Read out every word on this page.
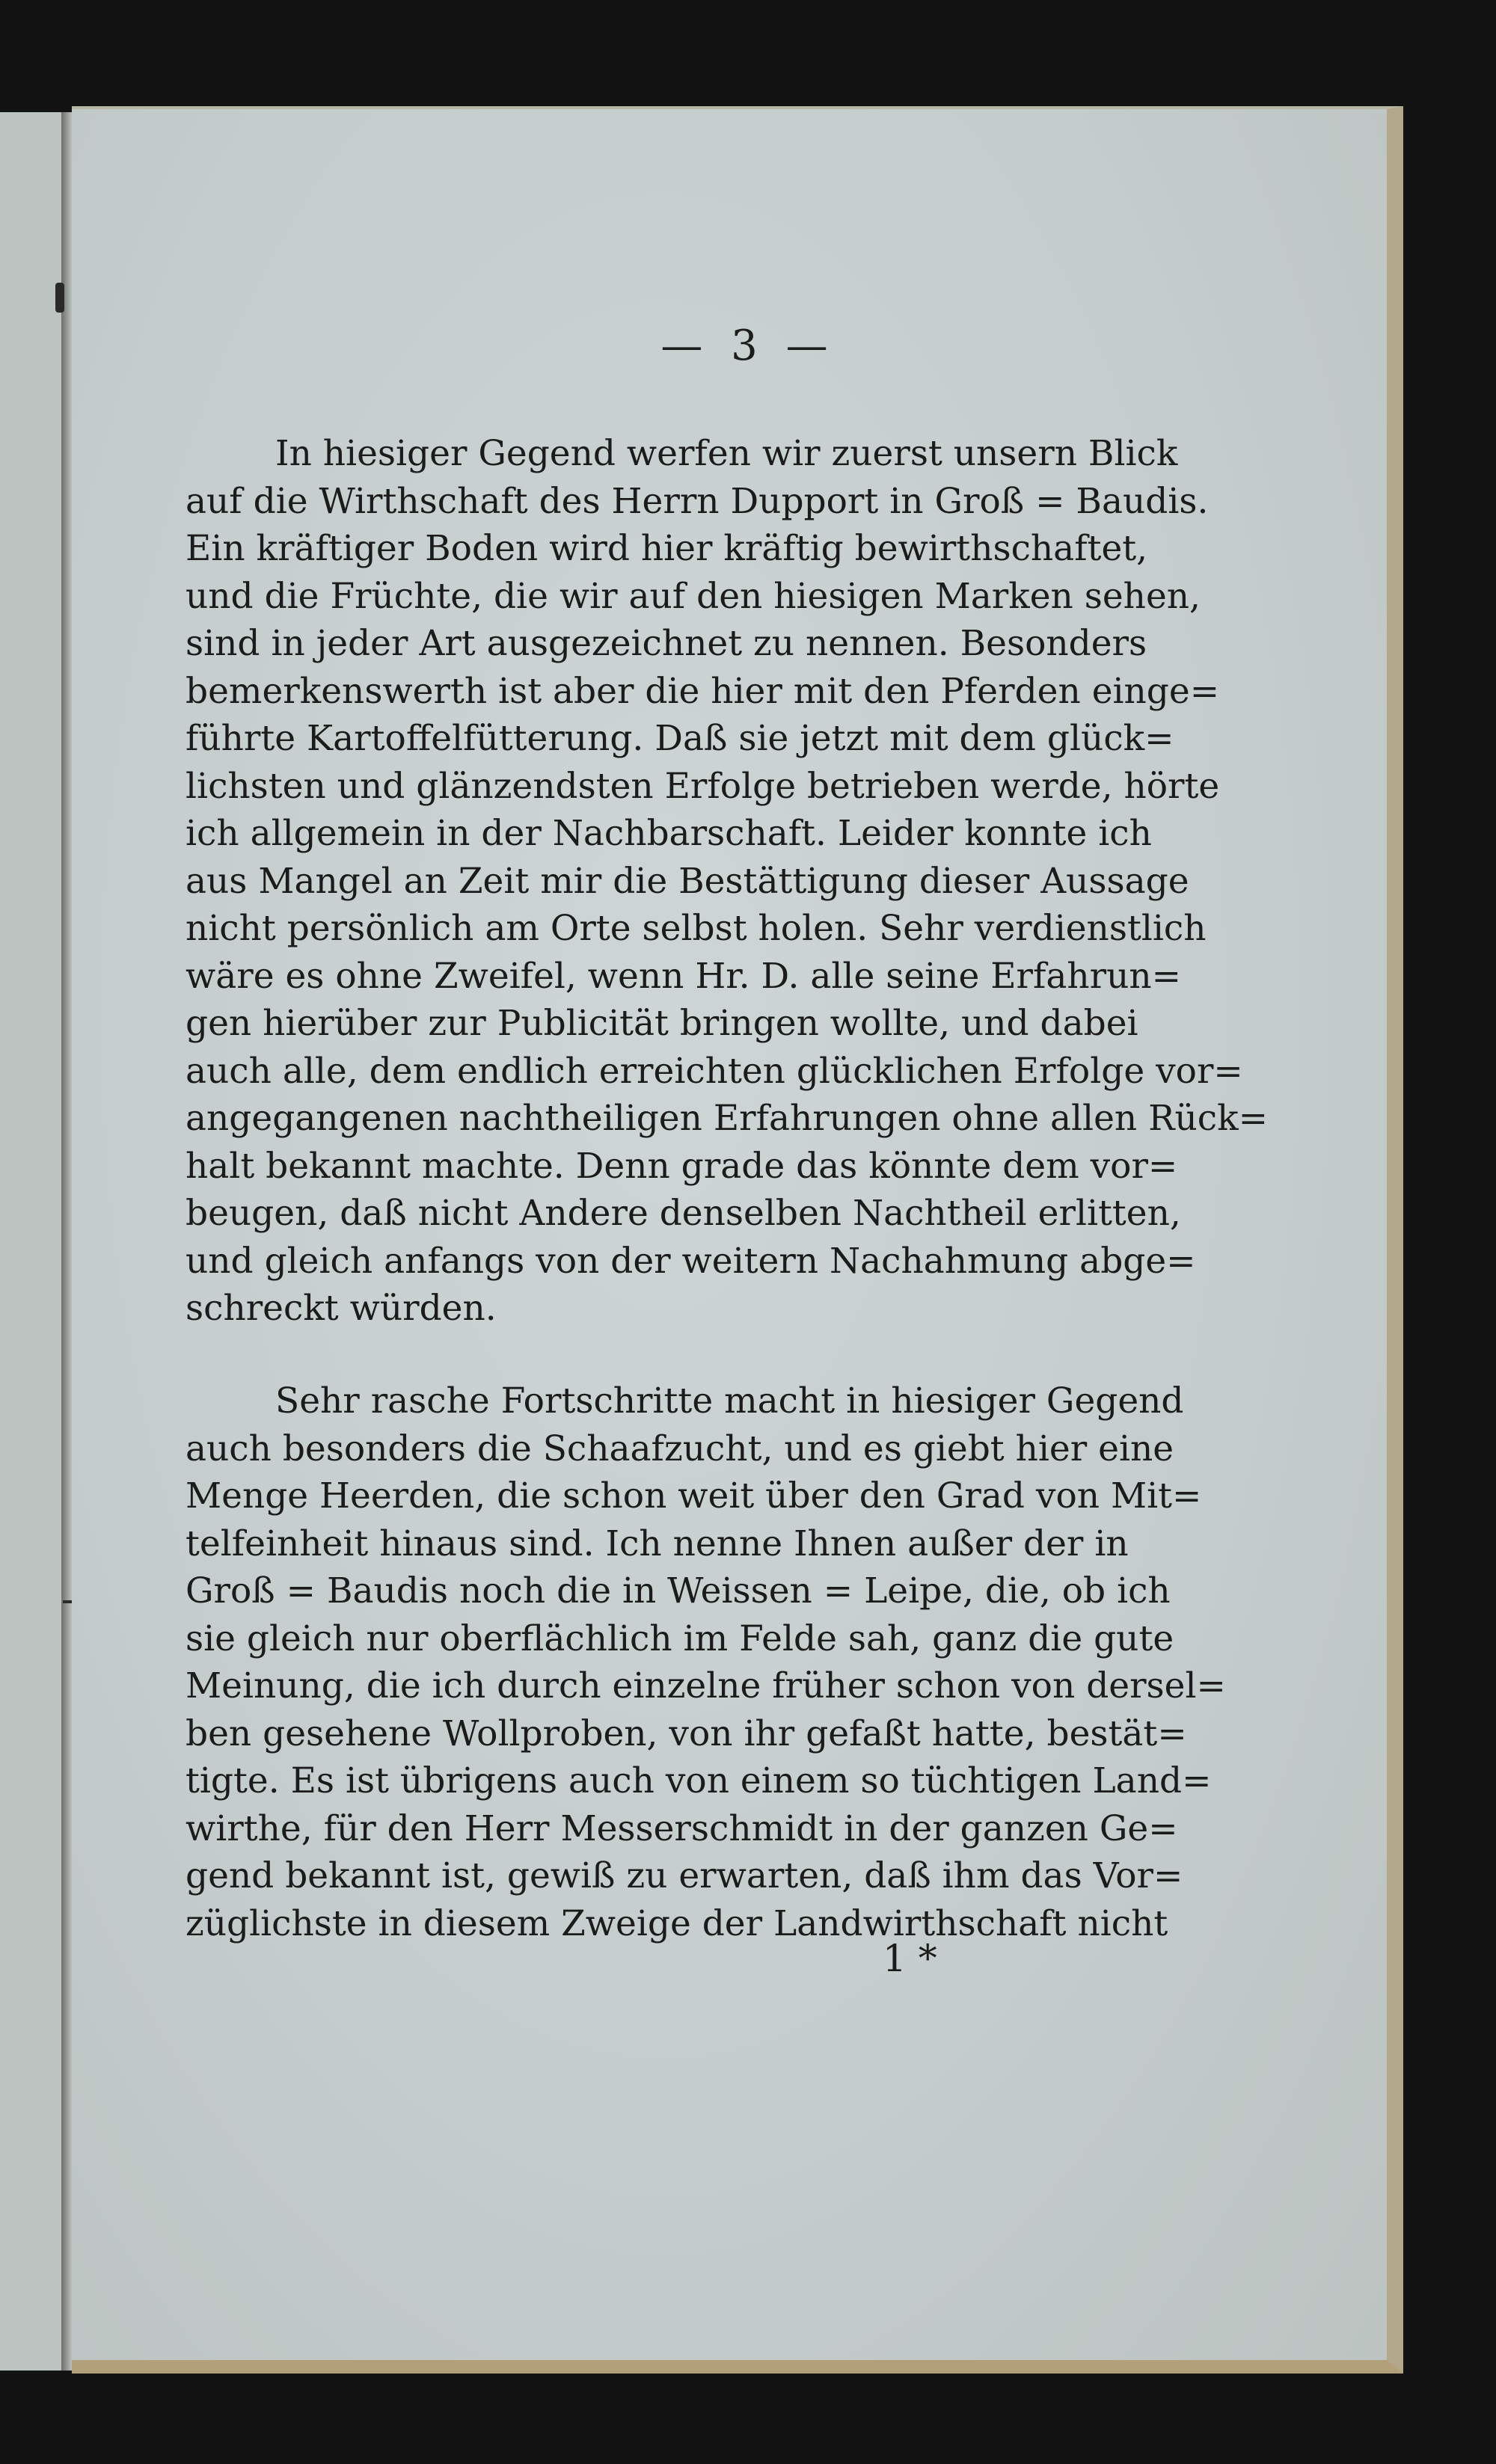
— 3 —
In hiesiger Gegend werfen wir zuerst unsern Blick
auf die Wirthschaft des Herrn Dupport in Groß = Baudis.
Ein kräftiger Boden wird hier kräftig bewirthschaftet,
und die Früchte, die wir auf den hiesigen Marken sehen,
sind in jeder Art ausgezeichnet zu nennen. Besonders
bemerkenswerth ist aber die hier mit den Pferden einge=
führte Kartoffelfütterung. Daß sie jetzt mit dem glück=
lichsten und glänzendsten Erfolge betrieben werde, hörte
ich allgemein in der Nachbarschaft. Leider konnte ich
aus Mangel an Zeit mir die Bestättigung dieser Aussage
nicht persönlich am Orte selbst holen. Sehr verdienstlich
wäre es ohne Zweifel, wenn Hr. D. alle seine Erfahrun=
gen hierüber zur Publicität bringen wollte, und dabei
auch alle, dem endlich erreichten glücklichen Erfolge vor=
angegangenen nachtheiligen Erfahrungen ohne allen Rück=
halt bekannt machte. Denn grade das könnte dem vor=
beugen, daß nicht Andere denselben Nachtheil erlitten,
und gleich anfangs von der weitern Nachahmung abge=
schreckt würden.
Sehr rasche Fortschritte macht in hiesiger Gegend
auch besonders die Schaafzucht, und es giebt hier eine
Menge Heerden, die schon weit über den Grad von Mit=
telfeinheit hinaus sind. Ich nenne Ihnen außer der in
Groß = Baudis noch die in Weissen = Leipe, die, ob ich
sie gleich nur oberflächlich im Felde sah, ganz die gute
Meinung, die ich durch einzelne früher schon von dersel=
ben gesehene Wollproben, von ihr gefaßt hatte, bestät=
tigte. Es ist übrigens auch von einem so tüchtigen Land=
wirthe, für den Herr Messerschmidt in der ganzen Ge=
gend bekannt ist, gewiß zu erwarten, daß ihm das Vor=
züglichste in diesem Zweige der Landwirthschaft nicht
1 *
